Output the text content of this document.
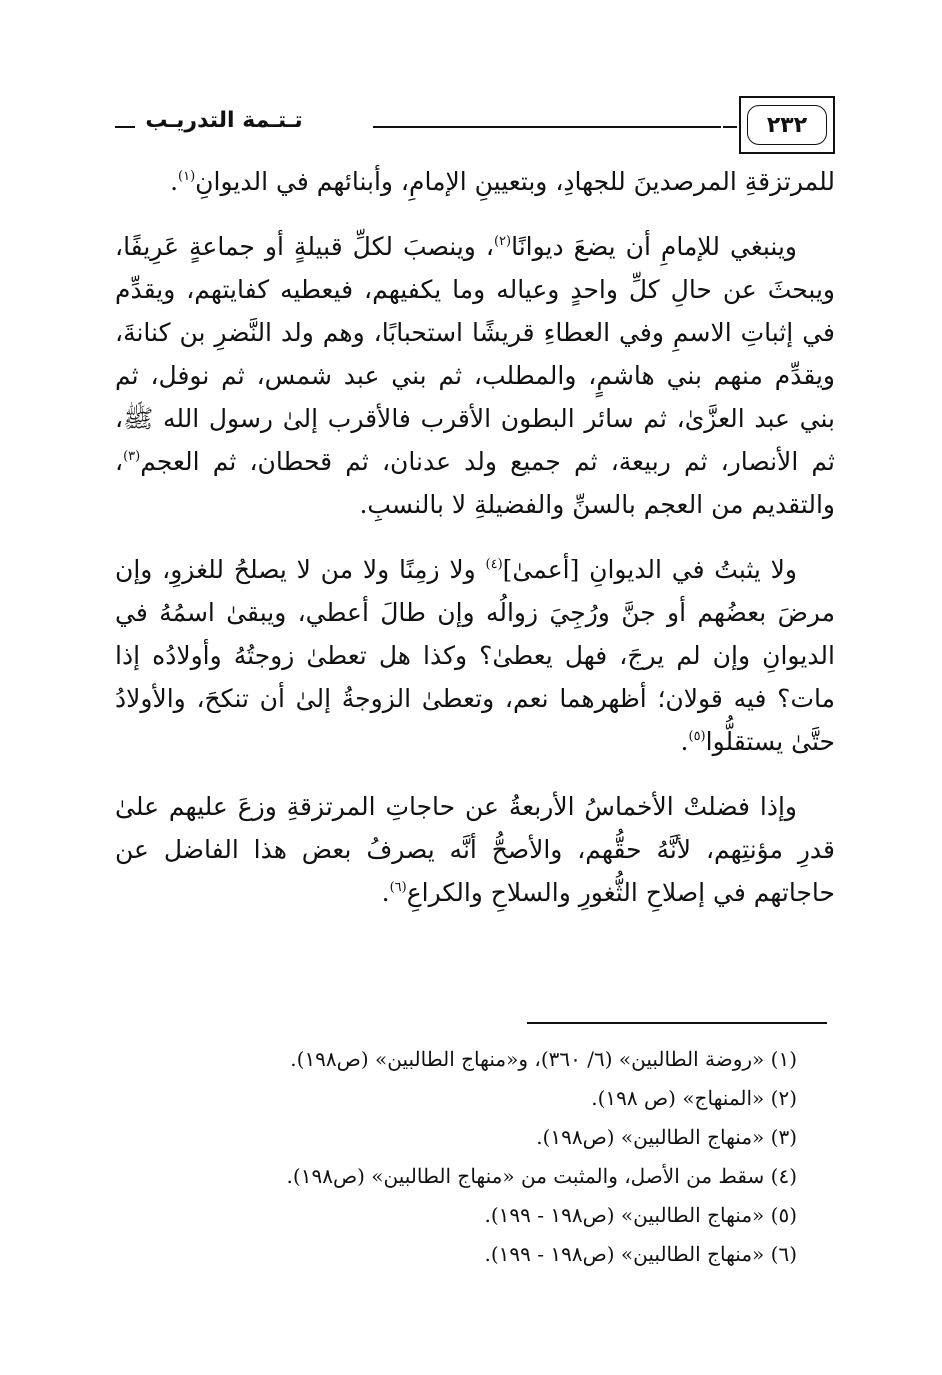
٢٣٢
تـتـمة التدريـب

للمرتزقةِ المرصدينَ للجهادِ، وبتعيينِ الإمامِ، وأبنائهم في الديوانِ$^{(١)}$.

وينبغي للإمامِ أن يضعَ ديوانًا$^{(٢)}$، وينصبَ لكلِّ قبيلةٍ أو جماعةٍ عَرِيفًا، ويبحثَ عن حالِ كلِّ واحدٍ وعياله وما يكفيهم، فيعطيه كفايتهم، ويقدِّم في إثباتِ الاسمِ وفي العطاءِ قريشًا استحبابًا، وهم ولد النَّضرِ بن كنانةَ، ويقدِّم منهم بني هاشمٍ، والمطلب، ثم بني عبد شمس، ثم نوفل، ثم بني عبد العزَّىٰ، ثم سائر البطون الأقرب فالأقرب إلىٰ رسول الله ﷺ، ثم الأنصار، ثم ربيعة، ثم جميع ولد عدنان، ثم قحطان، ثم العجم$^{(٣)}$، والتقديم من العجم بالسنِّ والفضيلةِ لا بالنسبِ.

ولا يثبتُ في الديوانِ [أعمىٰ]$^{(٤)}$ ولا زمِنًا ولا من لا يصلحُ للغزوِ، وإن مرضَ بعضُهم أو جنَّ ورُجِيَ زوالُه وإن طالَ أعطي، ويبقىٰ اسمُهُ في الديوانِ وإن لم يرجَ، فهل يعطىٰ؟ وكذا هل تعطىٰ زوجتُهُ وأولادُه إذا مات؟ فيه قولان؛ أظهرهما نعم، وتعطىٰ الزوجةُ إلىٰ أن تنكحَ، والأولادُ حتَّىٰ يستقلُّوا$^{(٥)}$.

وإذا فضلتْ الأخماسُ الأربعةُ عن حاجاتِ المرتزقةِ وزعَ عليهم علىٰ قدرِ مؤنتِهم، لأنَّهُ حقُّهم، والأصحُّ أنَّه يصرفُ بعض هذا الفاضل عن حاجاتهم في إصلاحِ الثُّغورِ والسلاحِ والكراعِ$^{(٦)}$.

(١) «روضة الطالبين» (٦/ ٣٦٠)، و«منهاج الطالبين» (ص١٩٨).
(٢) «المنهاج» (ص ١٩٨).
(٣) «منهاج الطالبين» (ص١٩٨).
(٤) سقط من الأصل، والمثبت من «منهاج الطالبين» (ص١٩٨).
(٥) «منهاج الطالبين» (ص١٩٨ - ١٩٩).
(٦) «منهاج الطالبين» (ص١٩٨ - ١٩٩).
